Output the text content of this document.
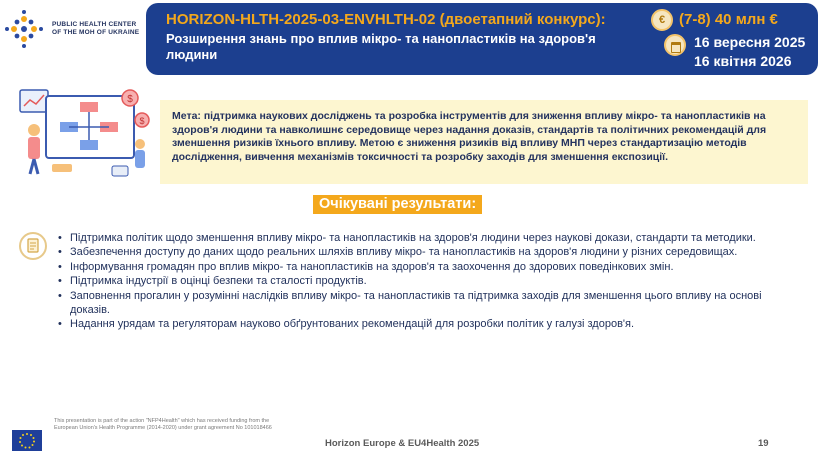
PUBLIC HEALTH CENTER
OF THE MOH OF UKRAINE
HORIZON-HLTH-2025-03-ENVHLTH-02 (двоетапний конкурс):
Розширення знань про вплив мікро- та нанопластиків на здоров'я людини
€ (7-8) 40 млн €
16 вересня 2025
16 квітня 2026
$
$	Мета: підтримка наукових досліджень та розробка інструментів для зниження впливу мікро- та нанопластиків на здоров'я людини та навколишнє середовище через надання доказів, стандартів та політичних рекомендацій для зменшення ризиків їхнього впливу. Метою є зниження ризиків від впливу МНП через стандартизацію методів дослідження, вивчення механізмів токсичності та розробку заходів для зменшення експозиції.

Очікувані результати:
• Підтримка політик щодо зменшення впливу мікро- та нанопластиків на здоров'я людини через наукові докази, стандарти та методики.
• Забезпечення доступу до даних щодо реальних шляхів впливу мікро- та нанопластиків на здоров'я людини у різних середовищах.
• Інформування громадян про вплив мікро- та нанопластиків на здоров'я та заохочення до здорових поведінкових змін.
• Підтримка індустрії в оцінці безпеки та сталості продуктів.
• Заповнення прогалин у розумінні наслідків впливу мікро- та нанопластиків та підтримка заходів для зменшення цього впливу на основі доказів.
• Надання урядам та регуляторам науково обґрунтованих рекомендацій для розробки політик у галузі здоров'я.
This presentation is part of the action "NFP4Health" which has received funding from the European Union's Health Programme (2014-2020) under grant agreement No 101018466
Horizon Europe & EU4Health 2025	19
